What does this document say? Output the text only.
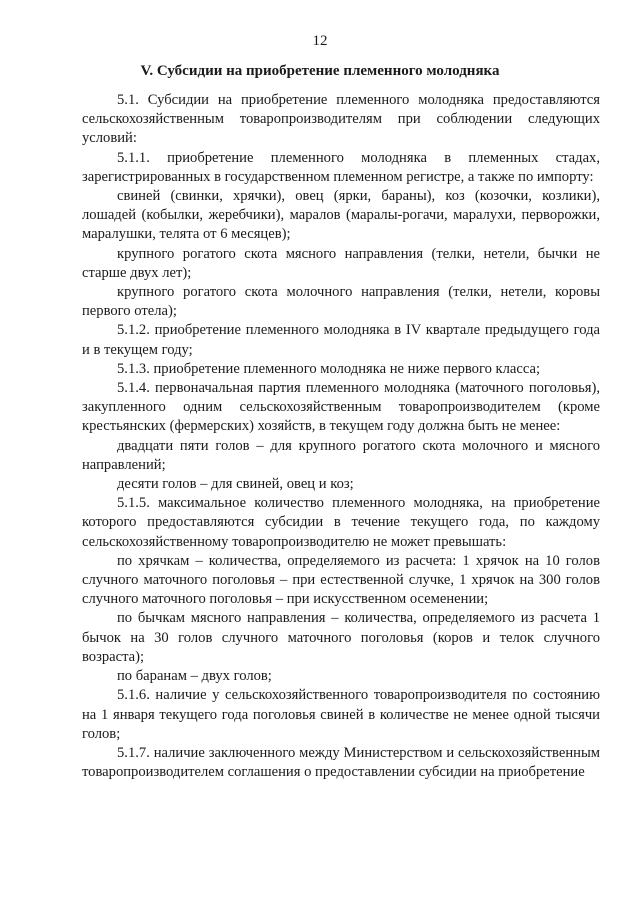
12
V. Субсидии на приобретение племенного молодняка

5.1. Субсидии на приобретение племенного молодняка предоставляются сельскохозяйственным товаропроизводителям при соблюдении следующих условий:

5.1.1. приобретение племенного молодняка в племенных стадах, зарегистрированных в государственном племенном регистре, а также по импорту:

свиней (свинки, хрячки), овец (ярки, бараны), коз (козочки, козлики), лошадей (кобылки, жеребчики), маралов (маралы-рогачи, маралухи, перворожки, маралушки, телята от 6 месяцев);

крупного рогатого скота мясного направления (телки, нетели, бычки не старше двух лет);

крупного рогатого скота молочного направления (телки, нетели, коровы первого отела);

5.1.2. приобретение племенного молодняка в IV квартале предыдущего года и в текущем году;

5.1.3. приобретение племенного молодняка не ниже первого класса;

5.1.4. первоначальная партия племенного молодняка (маточного поголовья), закупленного одним сельскохозяйственным товаропроизводителем (кроме крестьянских (фермерских) хозяйств, в текущем году должна быть не менее:

двадцати пяти голов – для крупного рогатого скота молочного и мясного направлений;

десяти голов – для свиней, овец и коз;

5.1.5. максимальное количество племенного молодняка, на приобретение которого предоставляются субсидии в течение текущего года, по каждому сельскохозяйственному товаропроизводителю не может превышать:

по хрячкам – количества, определяемого из расчета: 1 хрячок на 10 голов случного маточного поголовья – при естественной случке, 1 хрячок на 300 голов случного маточного поголовья – при искусственном осеменении;

по бычкам мясного направления – количества, определяемого из расчета 1 бычок на 30 голов случного маточного поголовья (коров и телок случного возраста);

по баранам – двух голов;

5.1.6. наличие у сельскохозяйственного товаропроизводителя по состоянию на 1 января текущего года поголовья свиней в количестве не менее одной тысячи голов;

5.1.7. наличие заключенного между Министерством и сельскохозяйственным товаропроизводителем соглашения о предоставлении субсидии на приобретение
